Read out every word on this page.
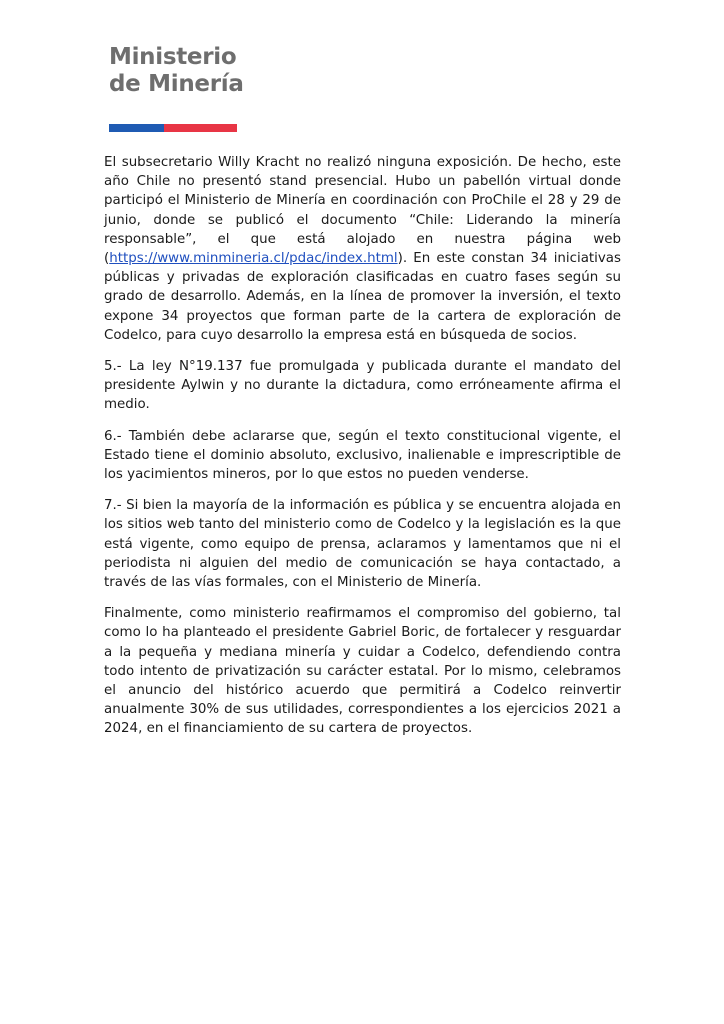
Ministerio
de Minería

El subsecretario Willy Kracht no realizó ninguna exposición. De hecho, este año Chile no presentó stand presencial. Hubo un pabellón virtual donde participó el Ministerio de Minería en coordinación con ProChile el 28 y 29 de junio, donde se publicó el documento “Chile: Liderando la minería responsable”, el que está alojado en nuestra página web (https://www.minmineria.cl/pdac/index.html). En este constan 34 iniciativas públicas y privadas de exploración clasificadas en cuatro fases según su grado de desarrollo. Además, en la línea de promover la inversión, el texto expone 34 proyectos que forman parte de la cartera de exploración de Codelco, para cuyo desarrollo la empresa está en búsqueda de socios.

5.- La ley N°19.137 fue promulgada y publicada durante el mandato del presidente Aylwin y no durante la dictadura, como erróneamente afirma el medio.

6.- También debe aclararse que, según el texto constitucional vigente, el Estado tiene el dominio absoluto, exclusivo, inalienable e imprescriptible de los yacimientos mineros, por lo que estos no pueden venderse.

7.- Si bien la mayoría de la información es pública y se encuentra alojada en los sitios web tanto del ministerio como de Codelco y la legislación es la que está vigente, como equipo de prensa, aclaramos y lamentamos que ni el periodista ni alguien del medio de comunicación se haya contactado, a través de las vías formales, con el Ministerio de Minería.

Finalmente, como ministerio reafirmamos el compromiso del gobierno, tal como lo ha planteado el presidente Gabriel Boric, de fortalecer y resguardar a la pequeña y mediana minería y cuidar a Codelco, defendiendo contra todo intento de privatización su carácter estatal. Por lo mismo, celebramos el anuncio del histórico acuerdo que permitirá a Codelco reinvertir anualmente 30% de sus utilidades, correspondientes a los ejercicios 2021 a 2024, en el financiamiento de su cartera de proyectos.
